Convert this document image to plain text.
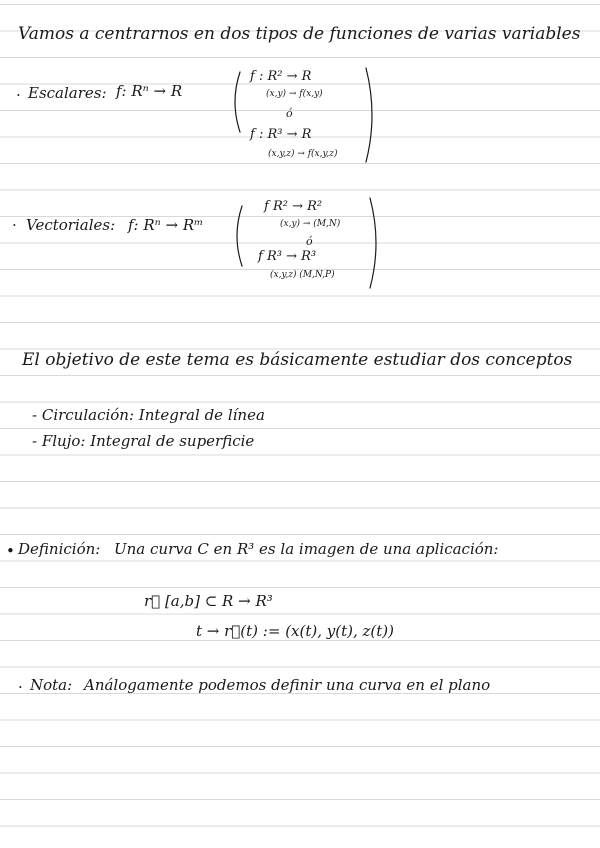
Vamos a centrarnos en dos tipos de funciones de varias variables
· Escalares: f: Rⁿ → R
f : R² → R
(x,y) → f(x,y)
ó
f : R³ → R
(x,y,z) → f(x,y,z)
· Vectoriales: f: Rⁿ → Rᵐ
f R² → R²
(x,y) → (M,N)
ó
f R³ → R³
(x,y,z) (M,N,P)
El objetivo de este tema es básicamente estudiar dos conceptos
- Circulación: Integral de línea
- Flujo: Integral de superficie
• Definición: Una curva C en R³ es la imagen de una aplicación:
r⃗ [a,b] ⊂ R → R³
t → r⃗(t) := (x(t), y(t), z(t))
· Nota: Análogamente podemos definir una curva en el plano
